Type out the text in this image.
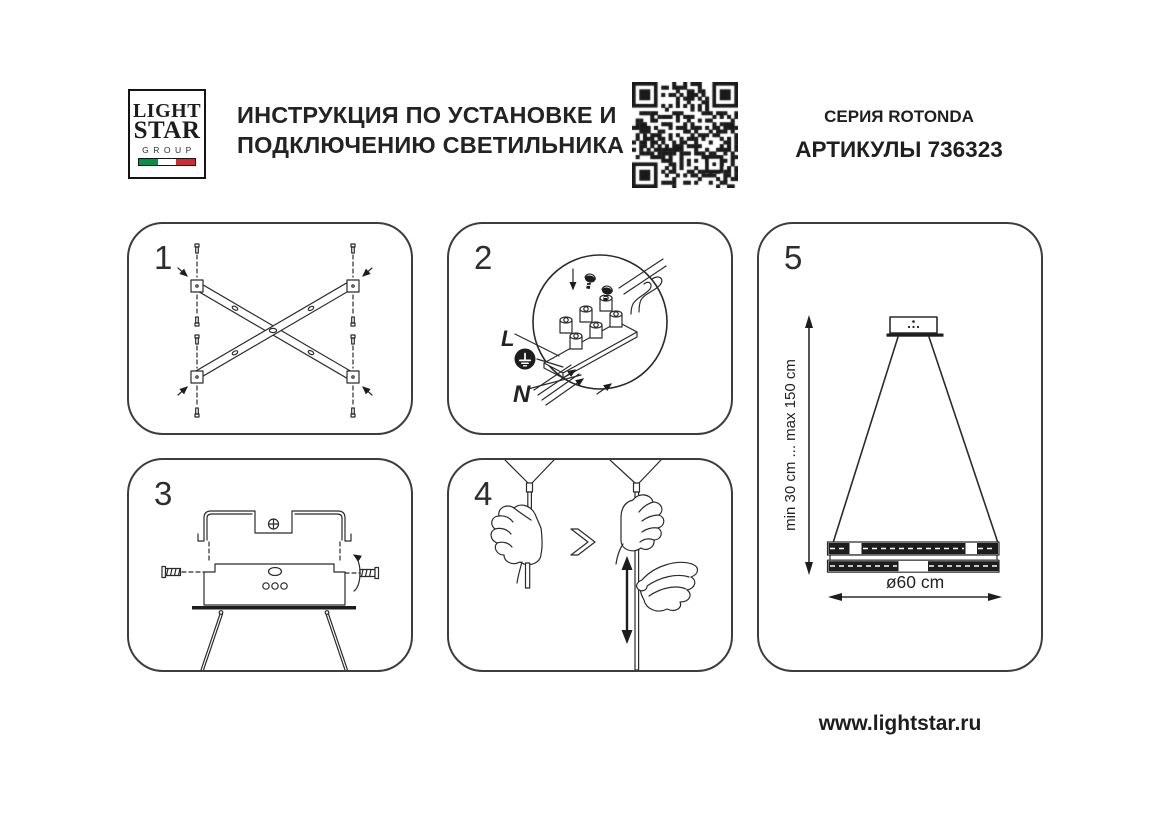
LIGHT
STAR
GROUP
ИНСТРУКЦИЯ ПО УСТАНОВКЕ И
ПОДКЛЮЧЕНИЮ СВЕТИЛЬНИКА
СЕРИЯ ROTONDA
АРТИКУЛЫ 736323
1	2
L
N
3	4
5
min 30 cm ... max 150 cm
ø60 cm
www.lightstar.ru
